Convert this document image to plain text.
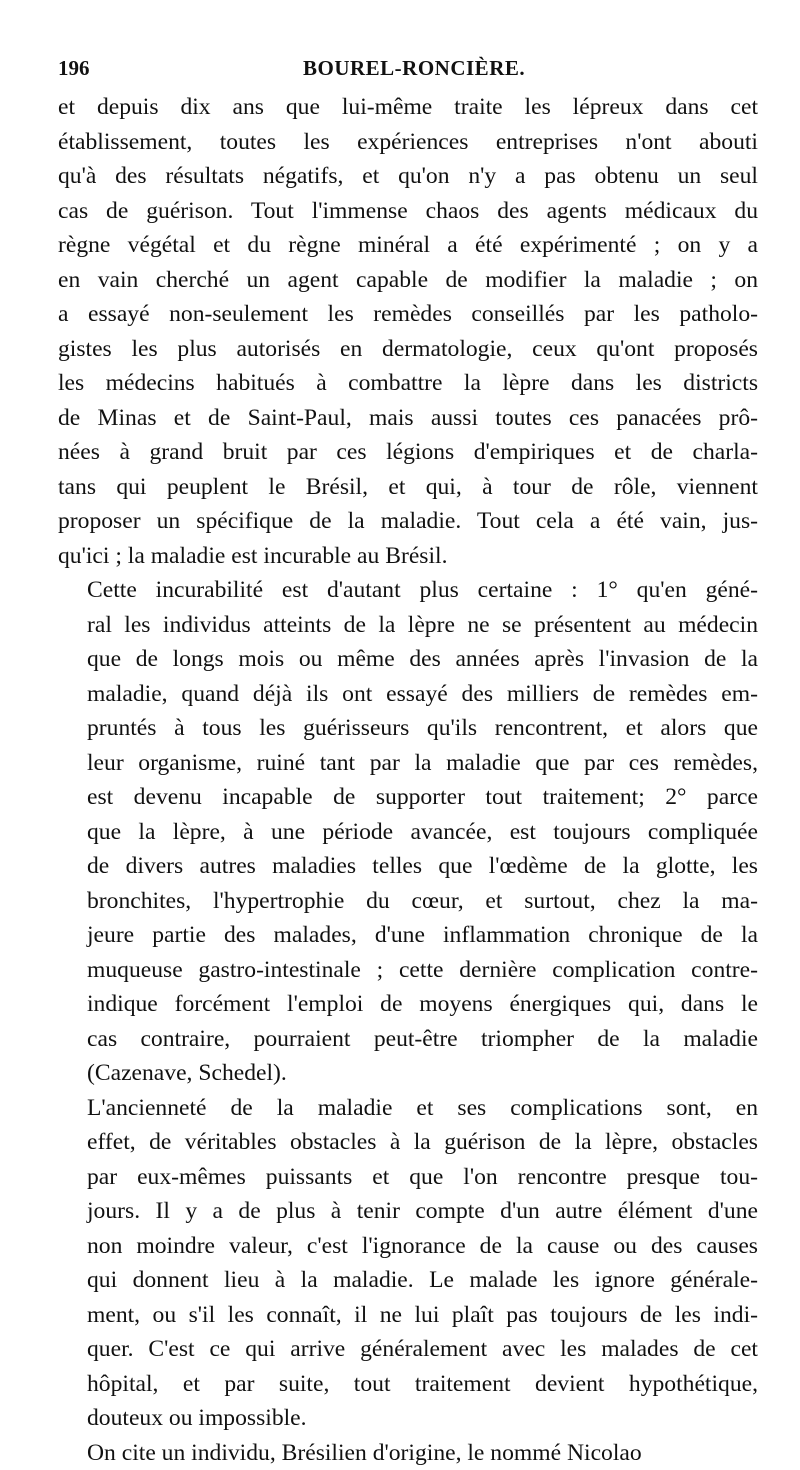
196	BOUREL-RONCIÈRE.

et depuis dix ans que lui-même traite les lépreux dans cet
établissement, toutes les expériences entreprises n'ont abouti
qu'à des résultats négatifs, et qu'on n'y a pas obtenu un seul
cas de guérison. Tout l'immense chaos des agents médicaux du
règne végétal et du règne minéral a été expérimenté ; on y a
en vain cherché un agent capable de modifier la maladie ; on
a essayé non-seulement les remèdes conseillés par les patholo-
gistes les plus autorisés en dermatologie, ceux qu'ont proposés
les médecins habitués à combattre la lèpre dans les districts
de Minas et de Saint-Paul, mais aussi toutes ces panacées prô-
nées à grand bruit par ces légions d'empiriques et de charla-
tans qui peuplent le Brésil, et qui, à tour de rôle, viennent
proposer un spécifique de la maladie. Tout cela a été vain, jus-
qu'ici ; la maladie est incurable au Brésil.

Cette incurabilité est d'autant plus certaine : 1° qu'en géné-
ral les individus atteints de la lèpre ne se présentent au médecin
que de longs mois ou même des années après l'invasion de la
maladie, quand déjà ils ont essayé des milliers de remèdes em-
pruntés à tous les guérisseurs qu'ils rencontrent, et alors que
leur organisme, ruiné tant par la maladie que par ces remèdes,
est devenu incapable de supporter tout traitement; 2° parce
que la lèpre, à une période avancée, est toujours compliquée
de divers autres maladies telles que l'œdème de la glotte, les
bronchites, l'hypertrophie du cœur, et surtout, chez la ma-
jeure partie des malades, d'une inflammation chronique de la
muqueuse gastro-intestinale ; cette dernière complication contre-
indique forcément l'emploi de moyens énergiques qui, dans le
cas contraire, pourraient peut-être triompher de la maladie
(Cazenave, Schedel).

L'ancienneté de la maladie et ses complications sont, en
effet, de véritables obstacles à la guérison de la lèpre, obstacles
par eux-mêmes puissants et que l'on rencontre presque tou-
jours. Il y a de plus à tenir compte d'un autre élément d'une
non moindre valeur, c'est l'ignorance de la cause ou des causes
qui donnent lieu à la maladie. Le malade les ignore générale-
ment, ou s'il les connaît, il ne lui plaît pas toujours de les indi-
quer. C'est ce qui arrive généralement avec les malades de cet
hôpital, et par suite, tout traitement devient hypothétique,
douteux ou impossible.

On cite un individu, Brésilien d'origine, le nommé Nicolao
